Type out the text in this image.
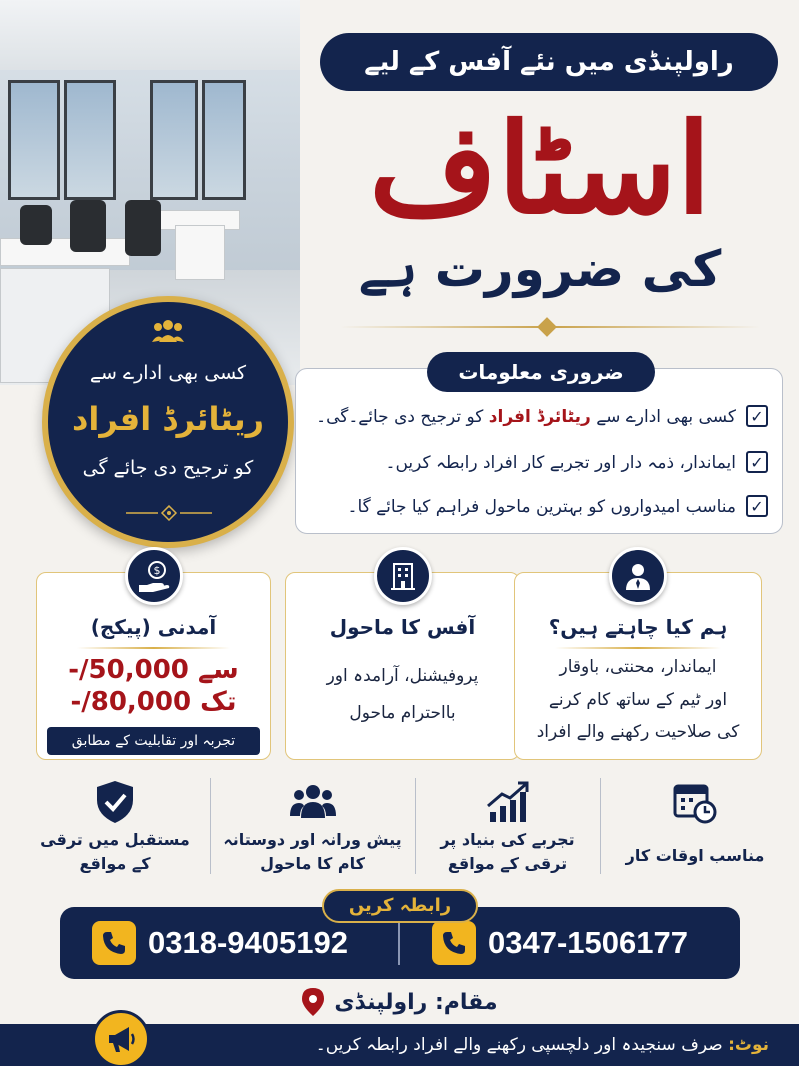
راولپنڈی میں نئے آفس کے لیے
اسٹاف
کی ضرورت ہے
کسی بھی ادارے سے
ریٹائرڈ افراد
کو ترجیح دی جائے گی
✓
کسی بھی ادارے سے ریٹائرڈ افراد کو ترجیح دی جائے۔گی۔
✓
ایماندار، ذمہ دار اور تجربے کار افراد رابطہ کریں۔
✓
مناسب امیدواروں کو بہترین ماحول فراہم کیا جائے گا۔
ضروری معلومات
$
آمدنی (پیکج)
سے 50,000/-
تک 80,000/-
تجربہ اور تقابلیت کے مطابق
آفس کا ماحول

پروفیشنل، آرامدہ اور

بااحترام ماحول

ہم کیا چاہتے ہیں؟

ایماندار، محنتی، باوقار

اور ٹیم کے ساتھ کام کرنے

کی صلاحیت رکھنے والے افراد

مناسب اوقات کار
تجربے کی بنیاد پر
ترقی کے مواقع
پیش ورانہ اور دوستانہ
کام کا ماحول
مستقبل میں ترقی
کے مواقع
0318-9405192	0347-1506177
رابطہ کریں
مقام: راولپنڈی
نوٹ: صرف سنجیدہ اور دلچسپی رکھنے والے افراد رابطہ کریں۔
